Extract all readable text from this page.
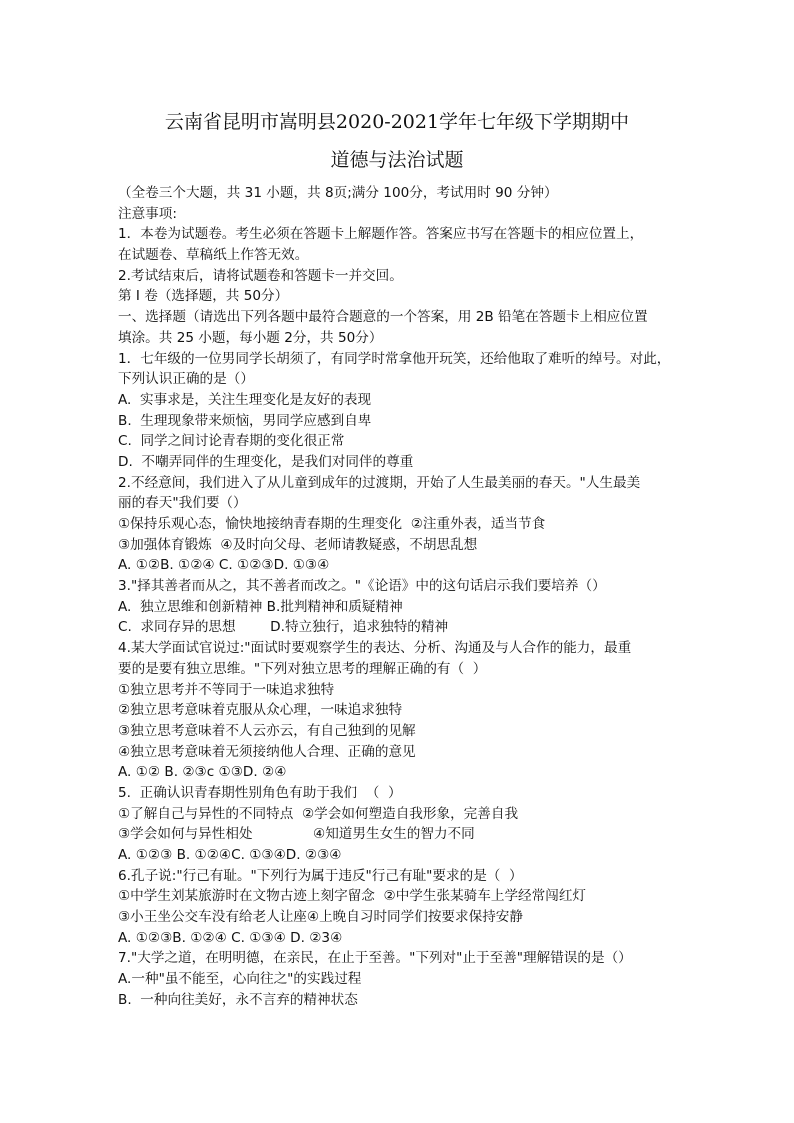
云南省昆明市嵩明县2020-2021学年七年级下学期期中
道德与法治试题
（全卷三个大题，共 31 小题，共 8页;满分 100分，考试用时 90 分钟）
注意事项:
1．本卷为试题卷。考生必须在答题卡上解题作答。答案应书写在答题卡的相应位置上，
在试题卷、草稿纸上作答无效。
2.考试结束后，请将试题卷和答题卡一并交回。
第 I 卷（选择题，共 50分）
一、选择题（请选出下列各题中最符合题意的一个答案，用 2B 铅笔在答题卡上相应位置
填涂。共 25 小题，每小题 2分，共 50分）
1．七年级的一位男同学长胡须了，有同学时常拿他开玩笑，还给他取了难听的绰号。对此，
下列认识正确的是（）
A.  实事求是，关注生理变化是友好的表现
B.  生理现象带来烦恼，男同学应感到自卑
C.  同学之间讨论青春期的变化很正常
D.  不嘲弄同伴的生理变化，是我们对同伴的尊重
2.不经意间，我们进入了从儿童到成年的过渡期，开始了人生最美丽的春天。"人生最美
丽的春天"我们要（）
①保持乐观心态，愉快地接纳青春期的生理变化  ②注重外表，适当节食
③加强体育锻炼  ④及时向父母、老师请教疑惑，不胡思乱想
A. ①②B. ①②④ C. ①②③D. ①③④
3."择其善者而从之，其不善者而改之。"《论语》中的这句话启示我们要培养（）
A.  独立思维和创新精神 B.批判精神和质疑精神
C.  求同存异的思想        D.特立独行，追求独特的精神
4.某大学面试官说过:"面试时要观察学生的表达、分析、沟通及与人合作的能力，最重
要的是要有独立思维。"下列对独立思考的理解正确的有（  ）
①独立思考并不等同于一味追求独特
②独立思考意味着克服从众心理，一味追求独特
③独立思考意味着不人云亦云，有自己独到的见解
④独立思考意味着无须接纳他人合理、正确的意见
A. ①② B. ②③c ①③D. ②④
5.  正确认识青春期性别角色有助于我们  （  ）
①了解自己与异性的不同特点  ②学会如何塑造自我形象，完善自我
③学会如何与异性相处              ④知道男生女生的智力不同
A. ①②③ B. ①②④C. ①③④D. ②③④
6.孔子说:"行己有耻。"下列行为属于违反"行己有耻"要求的是（  ）
①中学生刘某旅游时在文物古迹上刻字留念  ②中学生张某骑车上学经常闯红灯
③小王坐公交车没有给老人让座④上晚自习时同学们按要求保持安静
A. ①②③B. ①②④ C. ①③④ D. ②3④
7."大学之道，在明明德，在亲民，在止于至善。"下列对"止于至善"理解错误的是（）
A.一种"虽不能至，心向往之"的实践过程
B.  一种向往美好，永不言弃的精神状态
